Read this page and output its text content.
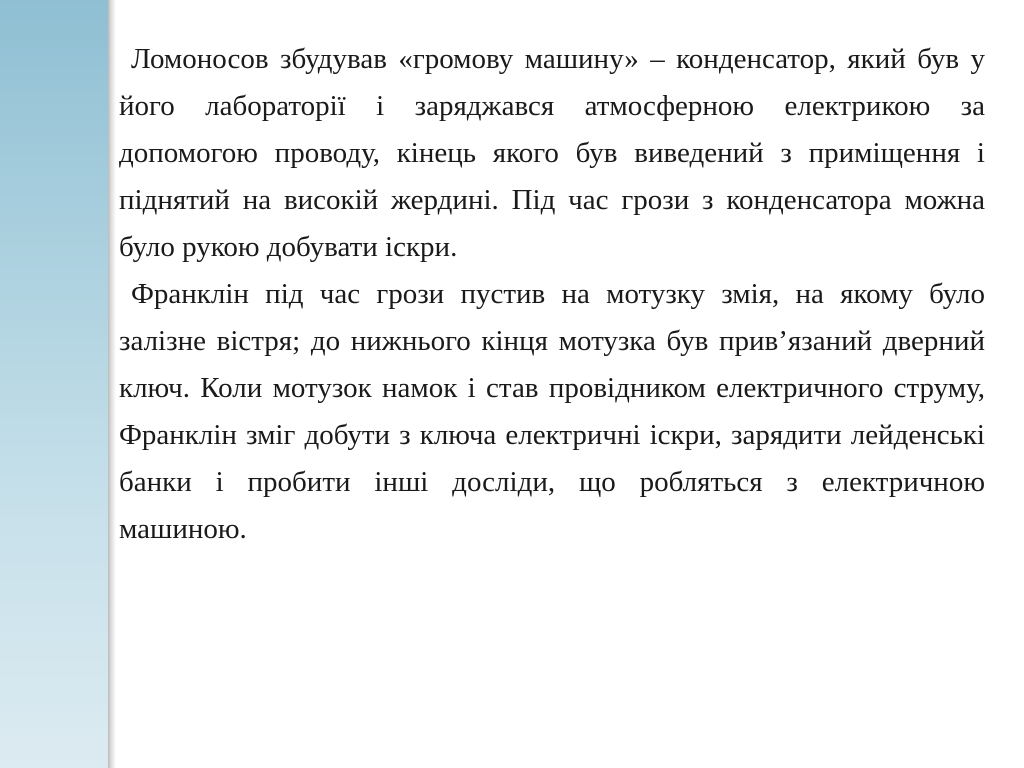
Ломоносов збудував «громову машину» – конденсатор, який був у його лабораторії і заряджався атмосферною електрикою за допомогою проводу, кінець якого був виведений з приміщення і піднятий на високій жердині. Під час грози з конденсатора можна було рукою добувати іскри.

Франклін під час грози пустив на мотузку змія, на якому було залізне вістря; до нижнього кінця мотузка був прив’язаний дверний ключ. Коли мотузок намок і став провідником електричного струму, Франклін зміг добути з ключа електричні іскри, зарядити лейденські банки і пробити інші досліди, що робляться з електричною машиною.
